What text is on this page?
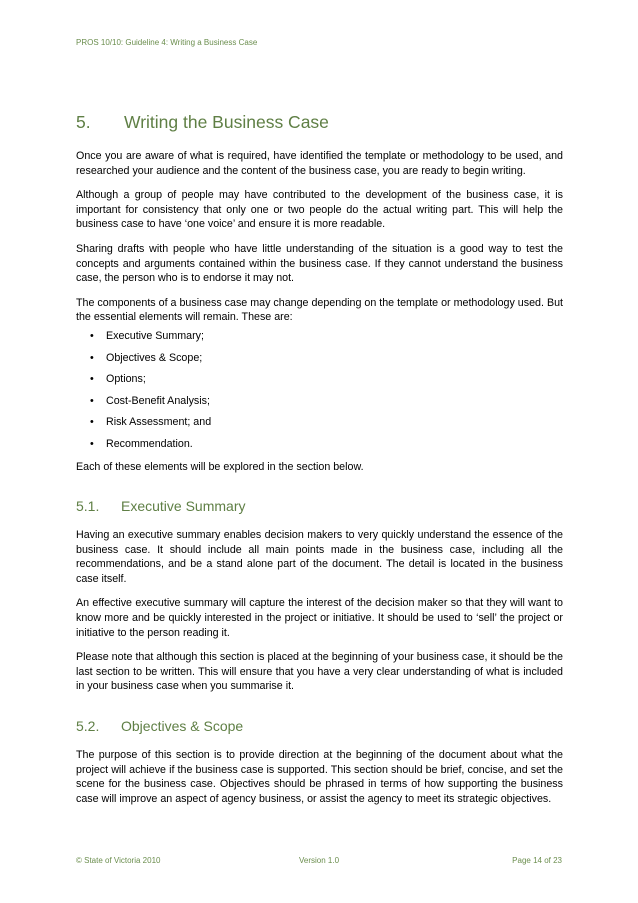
PROS 10/10: Guideline 4: Writing a Business Case
5.	Writing the Business Case

Once you are aware of what is required, have identified the template or methodology to be used, and researched your audience and the content of the business case, you are ready to begin writing.

Although a group of people may have contributed to the development of the business case, it is important for consistency that only one or two people do the actual writing part. This will help the business case to have ‘one voice’ and ensure it is more readable.

Sharing drafts with people who have little understanding of the situation is a good way to test the concepts and arguments contained within the business case. If they cannot understand the business case, the person who is to endorse it may not.

The components of a business case may change depending on the template or methodology used. But the essential elements will remain. These are:

• Executive Summary;
• Objectives & Scope;
• Options;
• Cost-Benefit Analysis;
• Risk Assessment; and
• Recommendation.

Each of these elements will be explored in the section below.

5.1.	Executive Summary

Having an executive summary enables decision makers to very quickly understand the essence of the business case. It should include all main points made in the business case, including all the recommendations, and be a stand alone part of the document. The detail is located in the business case itself.

An effective executive summary will capture the interest of the decision maker so that they will want to know more and be quickly interested in the project or initiative. It should be used to ‘sell’ the project or initiative to the person reading it.

Please note that although this section is placed at the beginning of your business case, it should be the last section to be written. This will ensure that you have a very clear understanding of what is included in your business case when you summarise it.

5.2.	Objectives & Scope

The purpose of this section is to provide direction at the beginning of the document about what the project will achieve if the business case is supported. This section should be brief, concise, and set the scene for the business case. Objectives should be phrased in terms of how supporting the business case will improve an aspect of agency business, or assist the agency to meet its strategic objectives.

© State of Victoria 2010	Version 1.0	Page 14 of 23
